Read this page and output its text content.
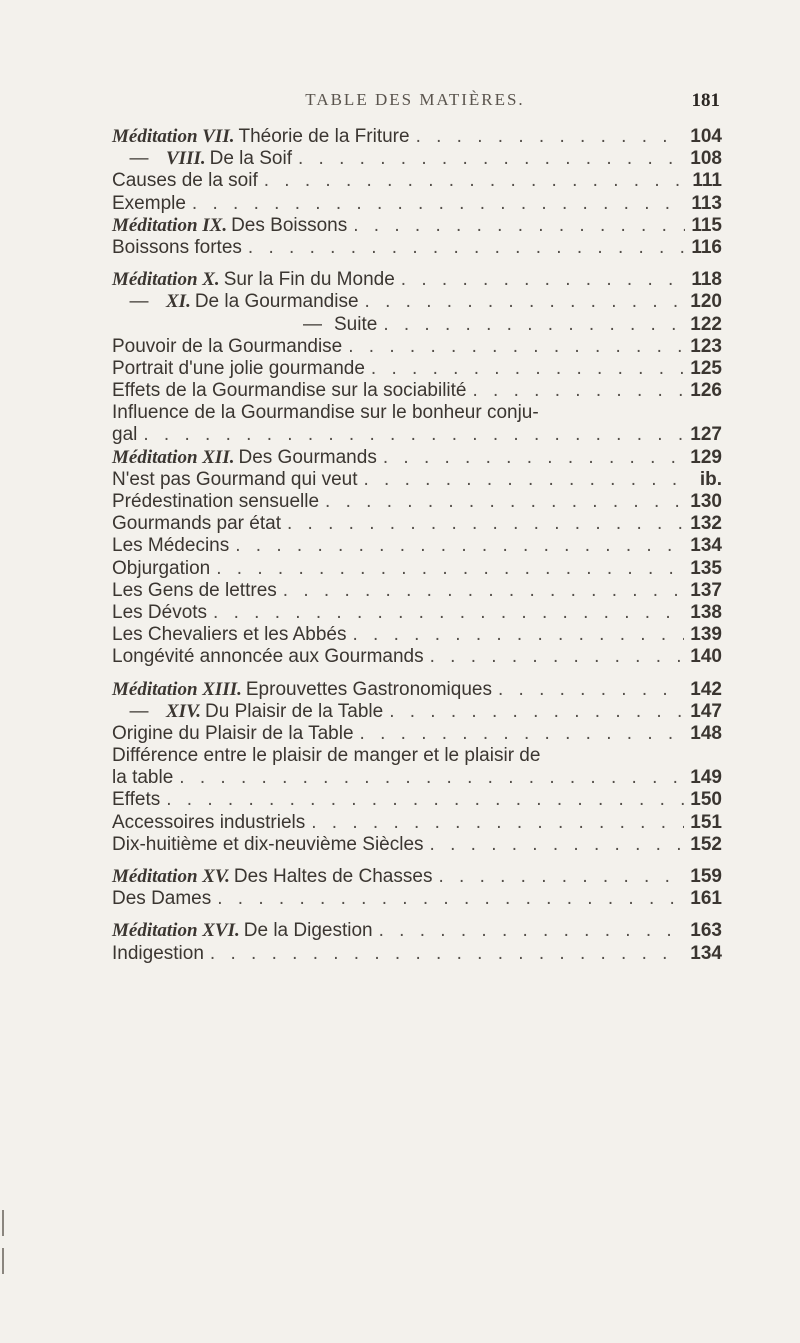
TABLE DES MATIÈRES.	181
Méditation VII. Théorie de la Friture . . .	104
— VIII. De la Soif . . .	108
Causes de la soif . . .	111
Exemple . . .	113
Méditation IX. Des Boissons . . .	115
Boissons fortes . . .	116
Méditation X. Sur la Fin du Monde . . .	118
— XI. De la Gourmandise . . .	120
— Suite . . .	122
Pouvoir de la Gourmandise . . .	123
Portrait d'une jolie gourmande . . .	125
Effets de la Gourmandise sur la sociabilité . . .	126
Influence de la Gourmandise sur le bonheur conju-
gal . . .	127
Méditation XII. Des Gourmands . . .	129
N'est pas Gourmand qui veut . . .	ib.
Prédestination sensuelle . . .	130
Gourmands par état . . .	132
Les Médecins . . .	134
Objurgation . . .	135
Les Gens de lettres . . .	137
Les Dévots . . .	138
Les Chevaliers et les Abbés . . .	139
Longévité annoncée aux Gourmands . . .	140
Méditation XIII. Eprouvettes Gastronomiques . . .	142
— XIV. Du Plaisir de la Table . . .	147
Origine du Plaisir de la Table . . .	148
Différence entre le plaisir de manger et le plaisir de
la table . . .	149
Effets . . .	150
Accessoires industriels . . .	151
Dix-huitième et dix-neuvième Siècles . . .	152
Méditation XV. Des Haltes de Chasses . . .	159
Des Dames . . .	161
Méditation XVI. De la Digestion . . .	163
Indigestion . . .	134
